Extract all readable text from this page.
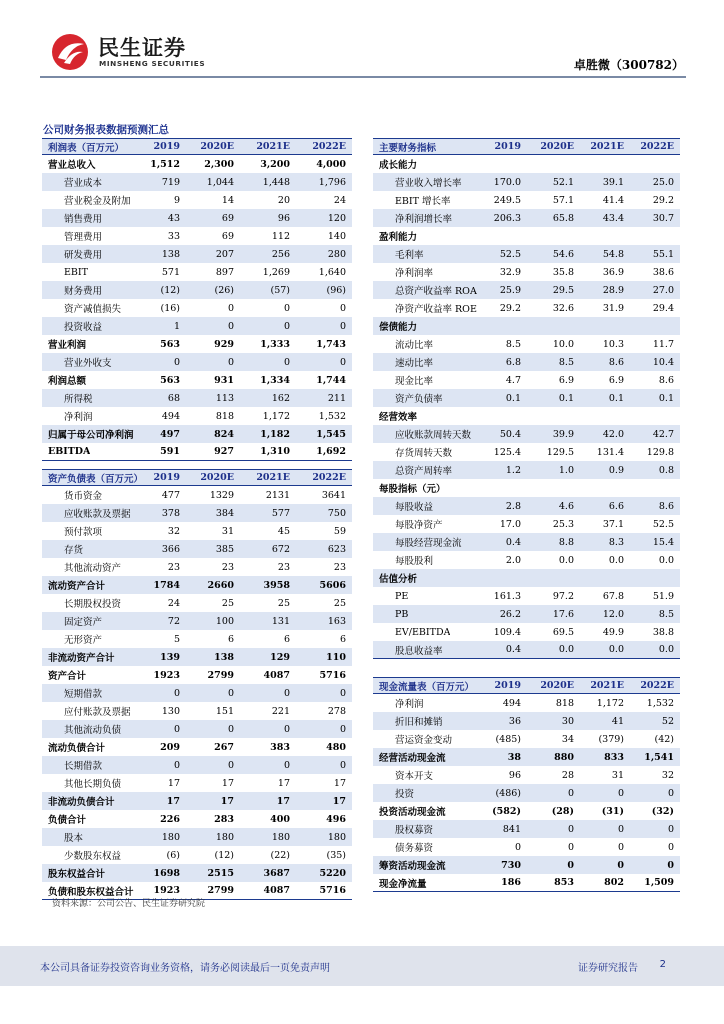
民生证券
MINSHENG SECURITIES	卓胜微（300782）
公司财务报表数据预测汇总
利润表（百万元）	2019 2020E 2021E 2022E
营业总收入	1,512	2,300	3,200	4,000
营业成本	719	1,044	1,448	1,796
营业税金及附加	9	14	20	24
销售费用	43	69	96	120
管理费用	33	69	112	140
研发费用	138	207	256	280
EBIT	571	897	1,269	1,640
财务费用	(12)	(26)	(57)	(96)
资产减值损失	(16)	0	0	0
投资收益	1	0	0	0
营业利润	563	929	1,333	1,743
营业外收支	0	0	0	0
利润总额	563	931	1,334	1,744
所得税	68	113	162	211
净利润	494	818	1,172	1,532
归属于母公司净利润	497	824	1,182	1,545
EBITDA	591	927	1,310	1,692
资产负债表（百万元） 2019 2020E 2021E 2022E
货币资金	477	1329	2131	3641
应收账款及票据	378	384	577	750
预付款项	32	31	45	59
存货	366	385	672	623
其他流动资产	23	23	23	23
流动资产合计	1784	2660	3958	5606
长期股权投资	24	25	25	25
固定资产	72	100	131	163
无形资产	5	6	6	6
非流动资产合计	139	138	129	110
资产合计	1923	2799	4087	5716
短期借款	0	0	0	0
应付账款及票据	130	151	221	278
其他流动负债	0	0	0	0
流动负债合计	209	267	383	480
长期借款	0	0	0	0
其他长期负债	17	17	17	17
非流动负债合计	17	17	17	17
负债合计	226	283	400	496
股本	180	180	180	180
少数股东权益	(6)	(12)	(22)	(35)
股东权益合计	1698	2515	3687	5220
负债和股东权益合计 1923	2799	4087	5716
主要财务指标	2019 2020E 2021E 2022E
成长能力
营业收入增长率	170.0	52.1	39.1	25.0
EBIT 增长率	249.5	57.1	41.4	29.2
净利润增长率	206.3	65.8	43.4	30.7
盈利能力
毛利率	52.5	54.6	54.8	55.1
净利润率	32.9	35.8	36.9	38.6
总资产收益率 ROA 25.9	29.5	28.9	27.0
净资产收益率 ROE 29.2	32.6	31.9	29.4
偿债能力
流动比率	8.5	10.0	10.3	11.7
速动比率	6.8	8.5	8.6	10.4
现金比率	4.7	6.9	6.9	8.6
资产负债率	0.1	0.1	0.1	0.1
经营效率
应收账款周转天数	50.4	39.9	42.0	42.7
存货周转天数	125.4	129.5 131.4 129.8
总资产周转率	1.2	1.0	0.9	0.8
每股指标（元）
每股收益	2.8	4.6	6.6	8.6
每股净资产	17.0	25.3	37.1	52.5
每股经营现金流	0.4	8.8	8.3	15.4
每股股利	2.0	0.0	0.0	0.0
估值分析
PE	161.3	97.2	67.8	51.9
PB	26.2	17.6	12.0	8.5
EV/EBITDA	109.4	69.5	49.9	38.8
股息收益率	0.4	0.0	0.0	0.0
现金流量表（百万元） 2019 2020E 2021E 2022E
净利润	494	818 1,172 1,532
折旧和摊销	36	30	41	52
营运资金变动	(485)	34	(379)	(42)
经营活动现金流	38	880	833 1,541
资本开支	96	28	31	32
投资	(486)	0	0	0
投资活动现金流	(582)	(28)	(31)	(32)
股权募资	841	0	0	0
债务募资	0	0	0	0
筹资活动现金流	730	0	0	0
现金净流量	186	853	802 1,509
资料来源：公司公告、民生证券研究院
本公司具备证券投资咨询业务资格，请务必阅读最后一页免责声明	证券研究报告 2
